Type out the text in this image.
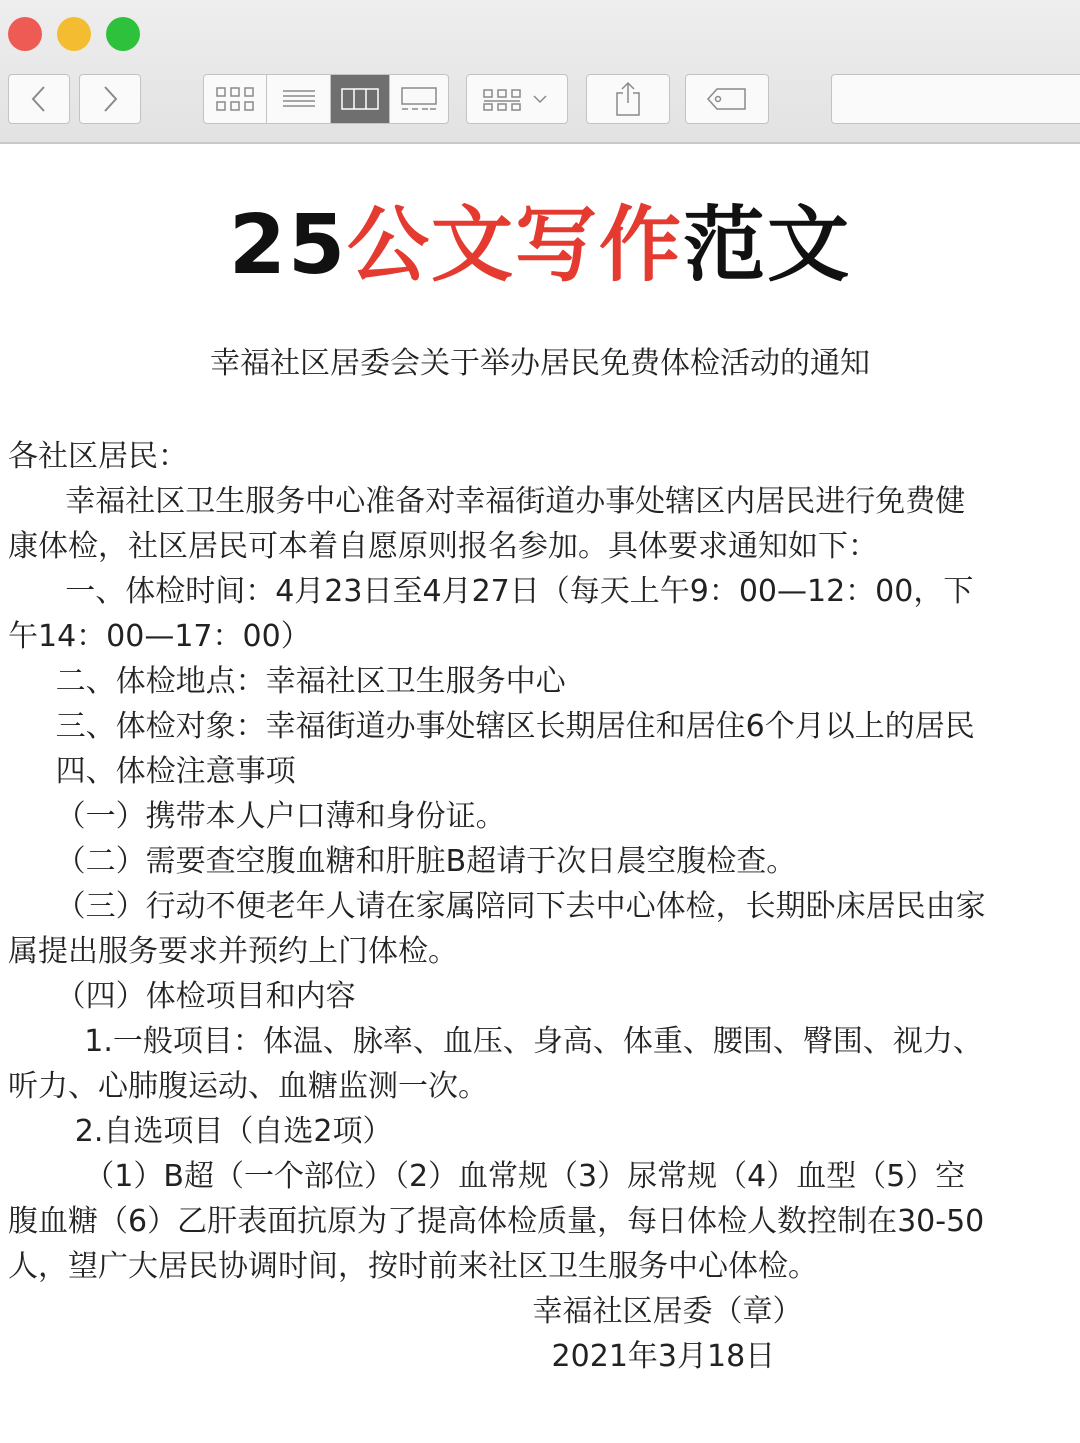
25公文写作范文
幸福社区居委会关于举办居民免费体检活动的通知
各社区居民：
幸福社区卫生服务中心准备对幸福街道办事处辖区内居民进行免费健
康体检，社区居民可本着自愿原则报名参加。具体要求通知如下：
一、体检时间：4月23日至4月27日（每天上午9：00—12：00，下
午14：00—17：00）
二、体检地点：幸福社区卫生服务中心
三、体检对象：幸福街道办事处辖区长期居住和居住6个月以上的居民
四、体检注意事项
（一）携带本人户口薄和身份证。
（二）需要查空腹血糖和肝脏B超请于次日晨空腹检查。
（三）行动不便老年人请在家属陪同下去中心体检，长期卧床居民由家
属提出服务要求并预约上门体检。
（四）体检项目和内容
1.一般项目：体温、脉率、血压、身高、体重、腰围、臀围、视力、
听力、心肺腹运动、血糖监测一次。
2.自选项目（自选2项）
（1）B超（一个部位）（2）血常规（3）尿常规（4）血型（5）空
腹血糖（6）乙肝表面抗原为了提高体检质量，每日体检人数控制在30-50
人，望广大居民协调时间，按时前来社区卫生服务中心体检。
幸福社区居委（章）
2021年3月18日
